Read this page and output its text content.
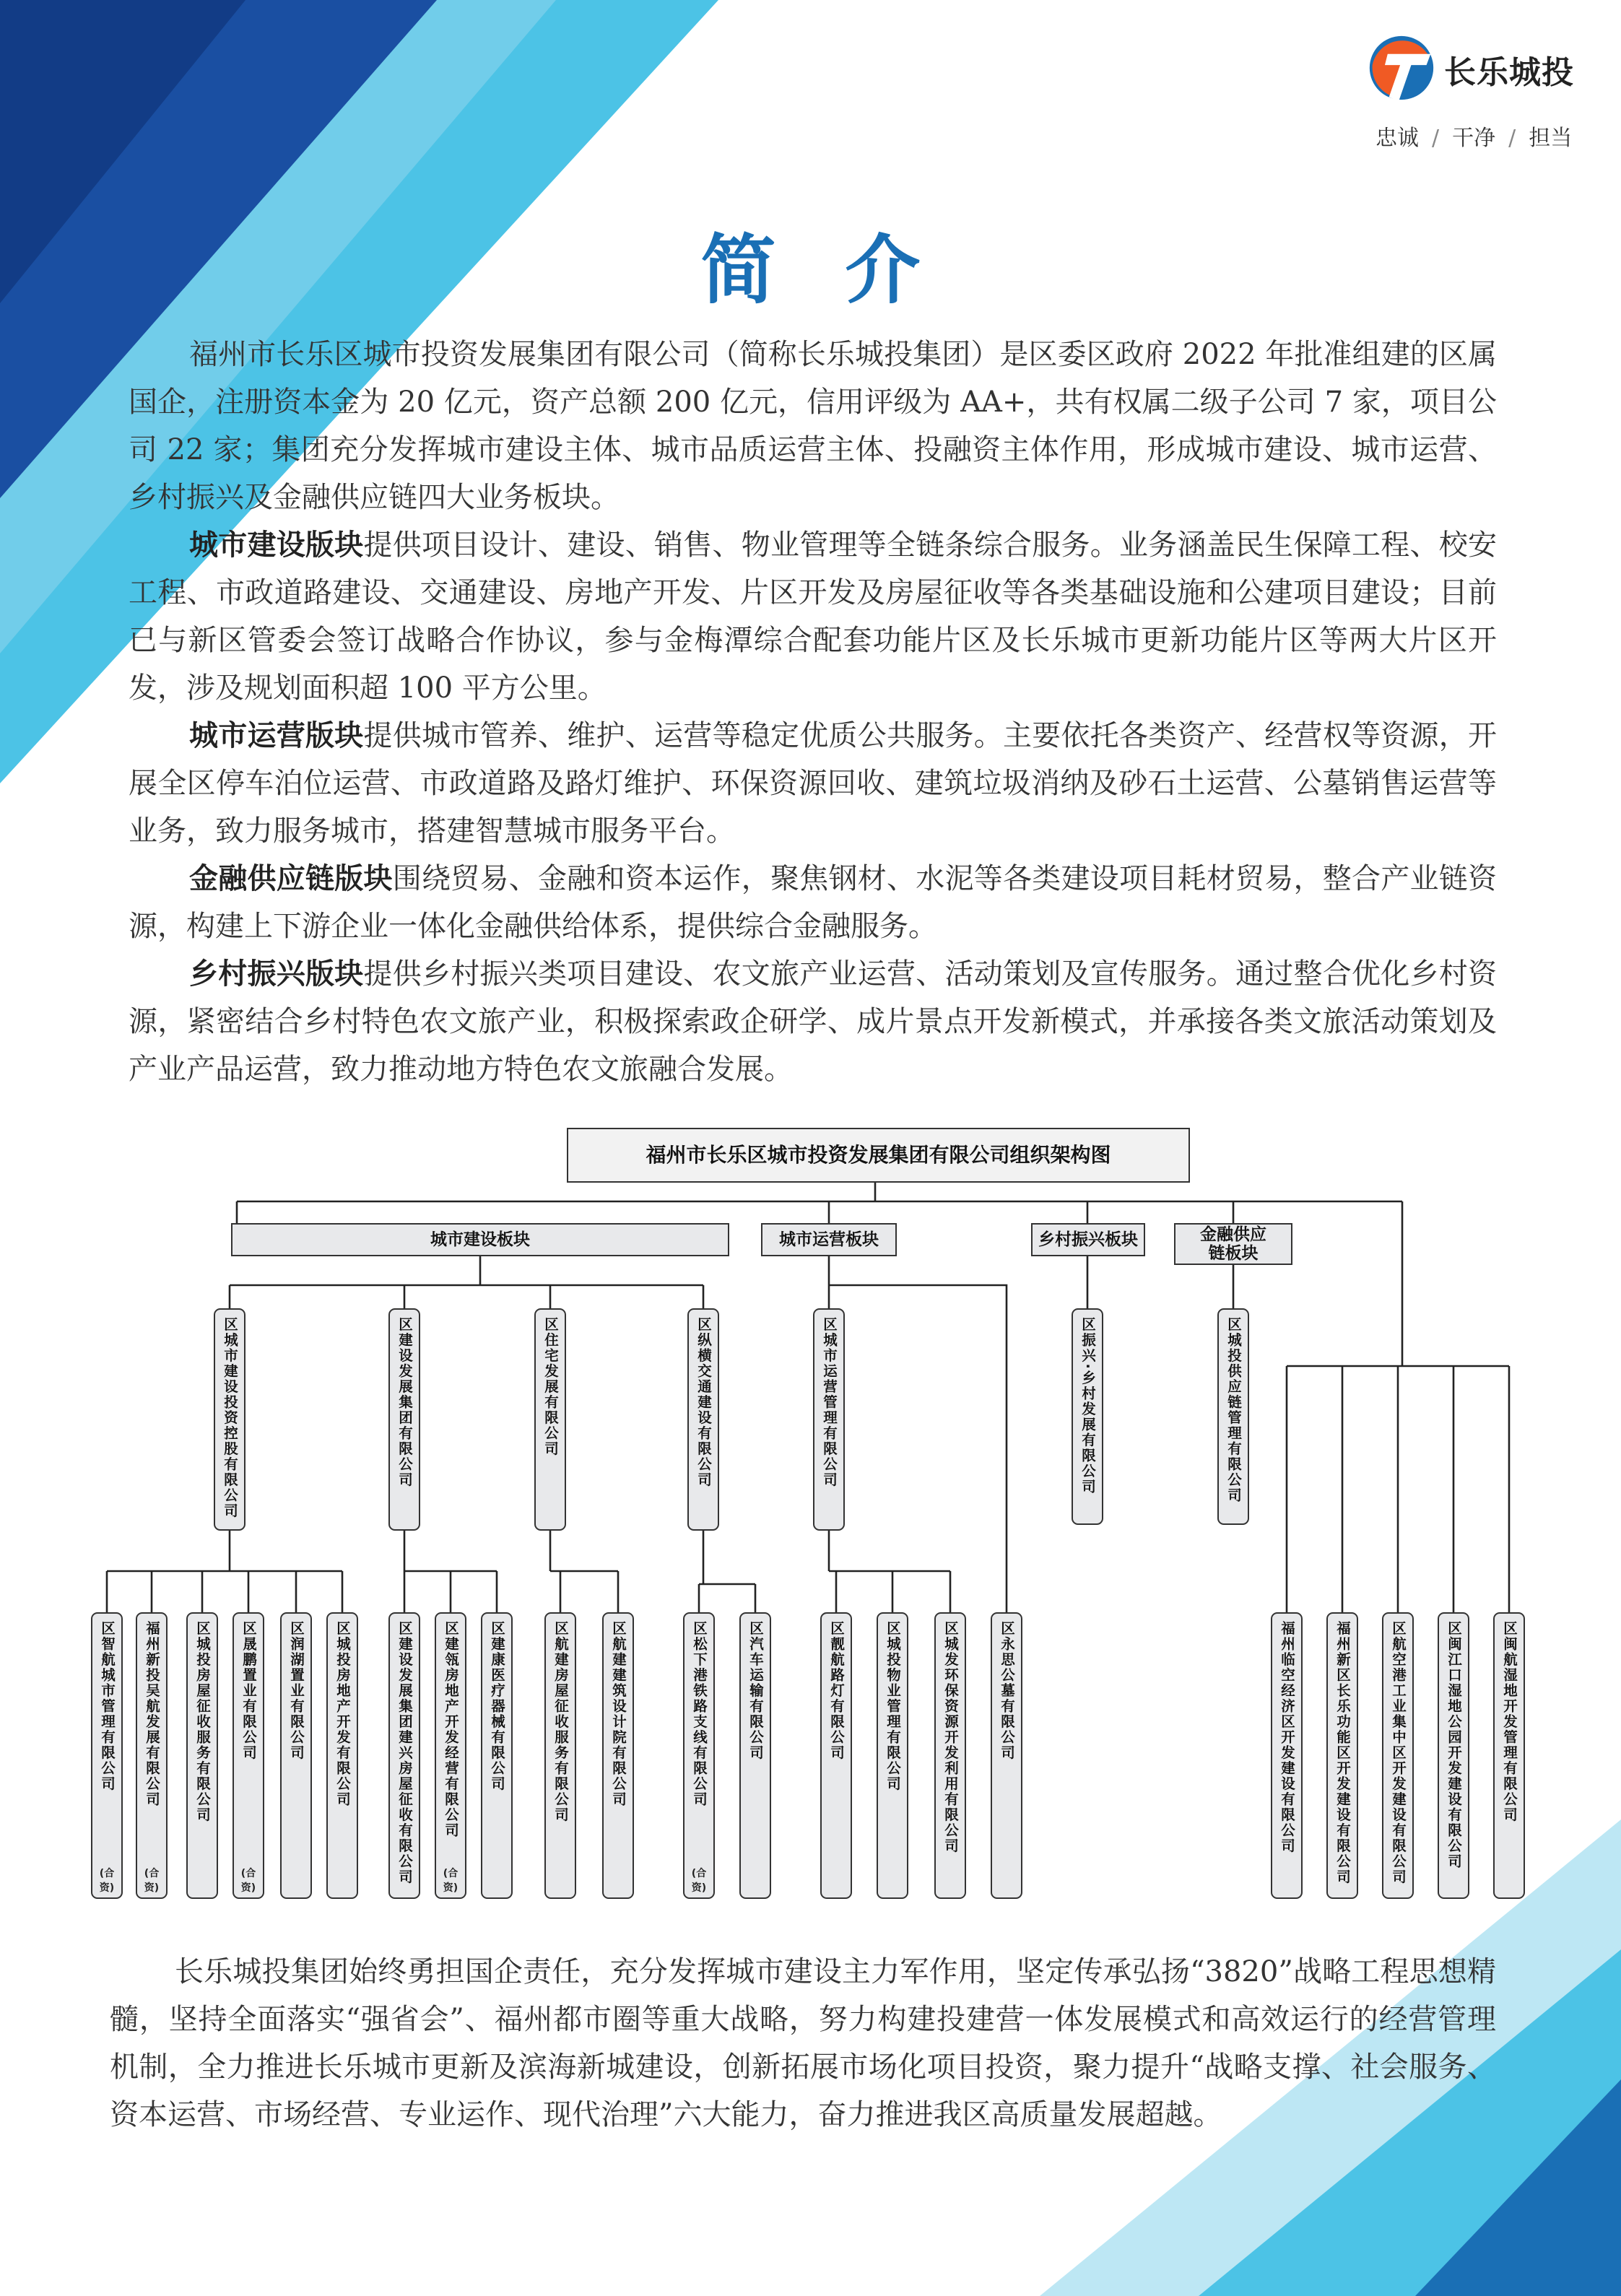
长乐城投
忠诚 / 干净 / 担当
简介

福州市长乐区城市投资发展集团有限公司（简称长乐城投集团）是区委区政府 2022 年批准组建的区属国企，注册资本金为 20 亿元，资产总额 200 亿元，信用评级为 AA+，共有权属二级子公司 7 家，项目公司 22 家；集团充分发挥城市建设主体、城市品质运营主体、投融资主体作用，形成城市建设、城市运营、乡村振兴及金融供应链四大业务板块。

城市建设版块提供项目设计、建设、销售、物业管理等全链条综合服务。业务涵盖民生保障工程、校安工程、市政道路建设、交通建设、房地产开发、片区开发及房屋征收等各类基础设施和公建项目建设；目前已与新区管委会签订战略合作协议，参与金梅潭综合配套功能片区及长乐城市更新功能片区等两大片区开发，涉及规划面积超 100 平方公里。

城市运营版块提供城市管养、维护、运营等稳定优质公共服务。主要依托各类资产、经营权等资源，开展全区停车泊位运营、市政道路及路灯维护、环保资源回收、建筑垃圾消纳及砂石土运营、公墓销售运营等业务，致力服务城市，搭建智慧城市服务平台。

金融供应链版块围绕贸易、金融和资本运作，聚焦钢材、水泥等各类建设项目耗材贸易，整合产业链资源，构建上下游企业一体化金融供给体系，提供综合金融服务。

乡村振兴版块提供乡村振兴类项目建设、农文旅产业运营、活动策划及宣传服务。通过整合优化乡村资源，紧密结合乡村特色农文旅产业，积极探索政企研学、成片景点开发新模式，并承接各类文旅活动策划及产业产品运营，致力推动地方特色农文旅融合发展。

福州市长乐区城市投资发展集团有限公司组织架构图
城市建设板块	城市运营板块	乡村振兴板块	金融供应链板块
区城市建设投资控股有限公司	区建设发展集团有限公司	区住宅发展有限公司	区纵横交通建设有限公司	区城市运营管理有限公司	区振兴·乡村发展有限公司	区城投供应链管理有限公司
区智航城市管理有限公司
(合资)
福州新投吴航发展有限公司
(合资)
区城投房屋征收服务有限公司 区晟鹏置业有限公司
(合资)
区润湖置业有限公司 区城投房地产开发有限公司	区建设发展集团建兴房屋征收有限公司 区建瓴房地产开发经营有限公司
(合资)
区建康医疗器械有限公司	区航建房屋征收服务有限公司	区航建建筑设计院有限公司	区松下港铁路支线有限公司
(合资)
区汽车运输有限公司	区靓航路灯有限公司	区城投物业管理有限公司	区城发环保资源开发利用有限公司	区永思公墓有限公司	福州临空经济区开发建设有限公司	福州新区长乐功能区开发建设有限公司	区航空港工业集中区开发建设有限公司	区闽江口湿地公园开发建设有限公司	区闽航湿地开发管理有限公司

长乐城投集团始终勇担国企责任，充分发挥城市建设主力军作用，坚定传承弘扬“3820”战略工程思想精髓，坚持全面落实“强省会”、福州都市圈等重大战略，努力构建投建营一体发展模式和高效运行的经营管理机制，全力推进长乐城市更新及滨海新城建设，创新拓展市场化项目投资，聚力提升“战略支撑、社会服务、资本运营、市场经营、专业运作、现代治理”六大能力，奋力推进我区高质量发展超越。
